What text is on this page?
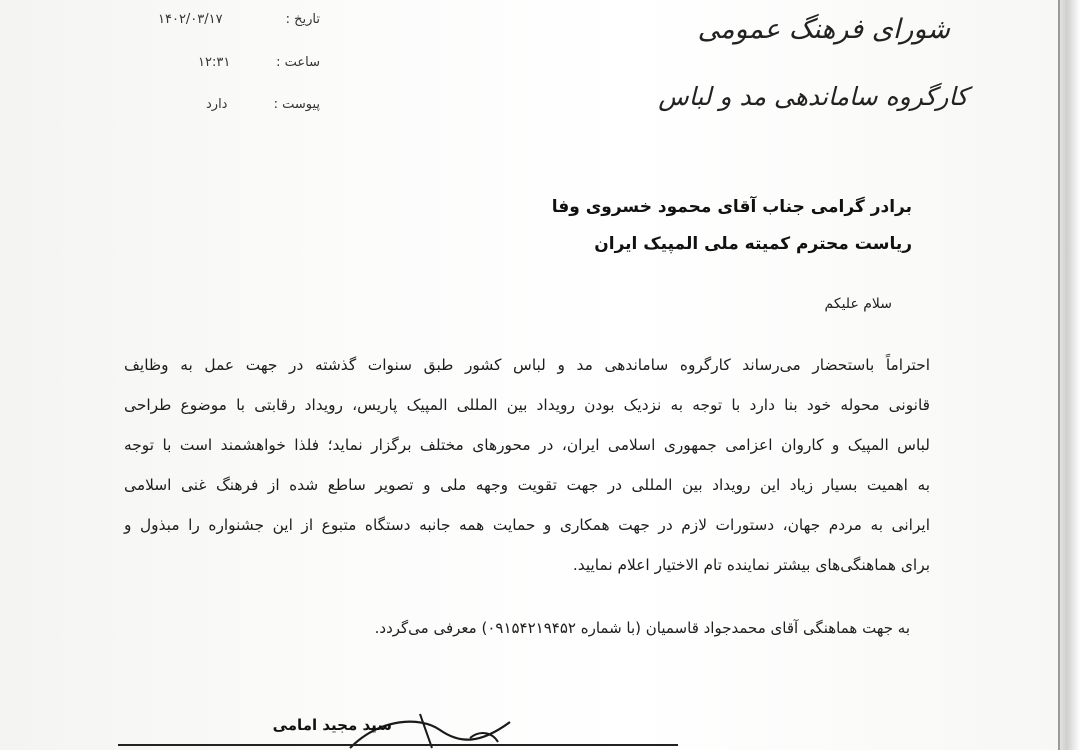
شورای فرهنگ عمومی
کارگروه ساماندهی مد و لباس
تاریخ :
۱۴۰۲/۰۳/۱۷
ساعت :
۱۲:۳۱
پیوست :
دارد
برادر گرامی جناب آقای محمود خسروی وفا
ریاست محترم کمیته ملی المپیک ایران
سلام علیکم
احتراماً باستحضار می‌رساند کارگروه ساماندهی مد و لباس کشور طبق سنوات گذشته در جهت عمل به وظایف
قانونی محوله خود بنا دارد با توجه به نزدیک بودن رویداد بین المللی المپیک پاریس، رویداد رقابتی با موضوع طراحی
لباس المپیک و کاروان اعزامی جمهوری اسلامی ایران، در محورهای مختلف برگزار نماید؛ فلذا خواهشمند است با توجه
به اهمیت بسیار زیاد این رویداد بین المللی در جهت تقویت وجهه ملی و تصویر ساطع شده از فرهنگ غنی اسلامی
ایرانی به مردم جهان، دستورات لازم در جهت همکاری و حمایت همه جانبه دستگاه متبوع از این جشنواره را مبذول و
برای هماهنگی‌های بیشتر نماینده تام الاختیار اعلام نمایید.
به جهت هماهنگی آقای محمدجواد قاسمیان (با شماره ۰۹۱۵۴۲۱۹۴۵۲) معرفی می‌گردد.
سید مجید امامی
